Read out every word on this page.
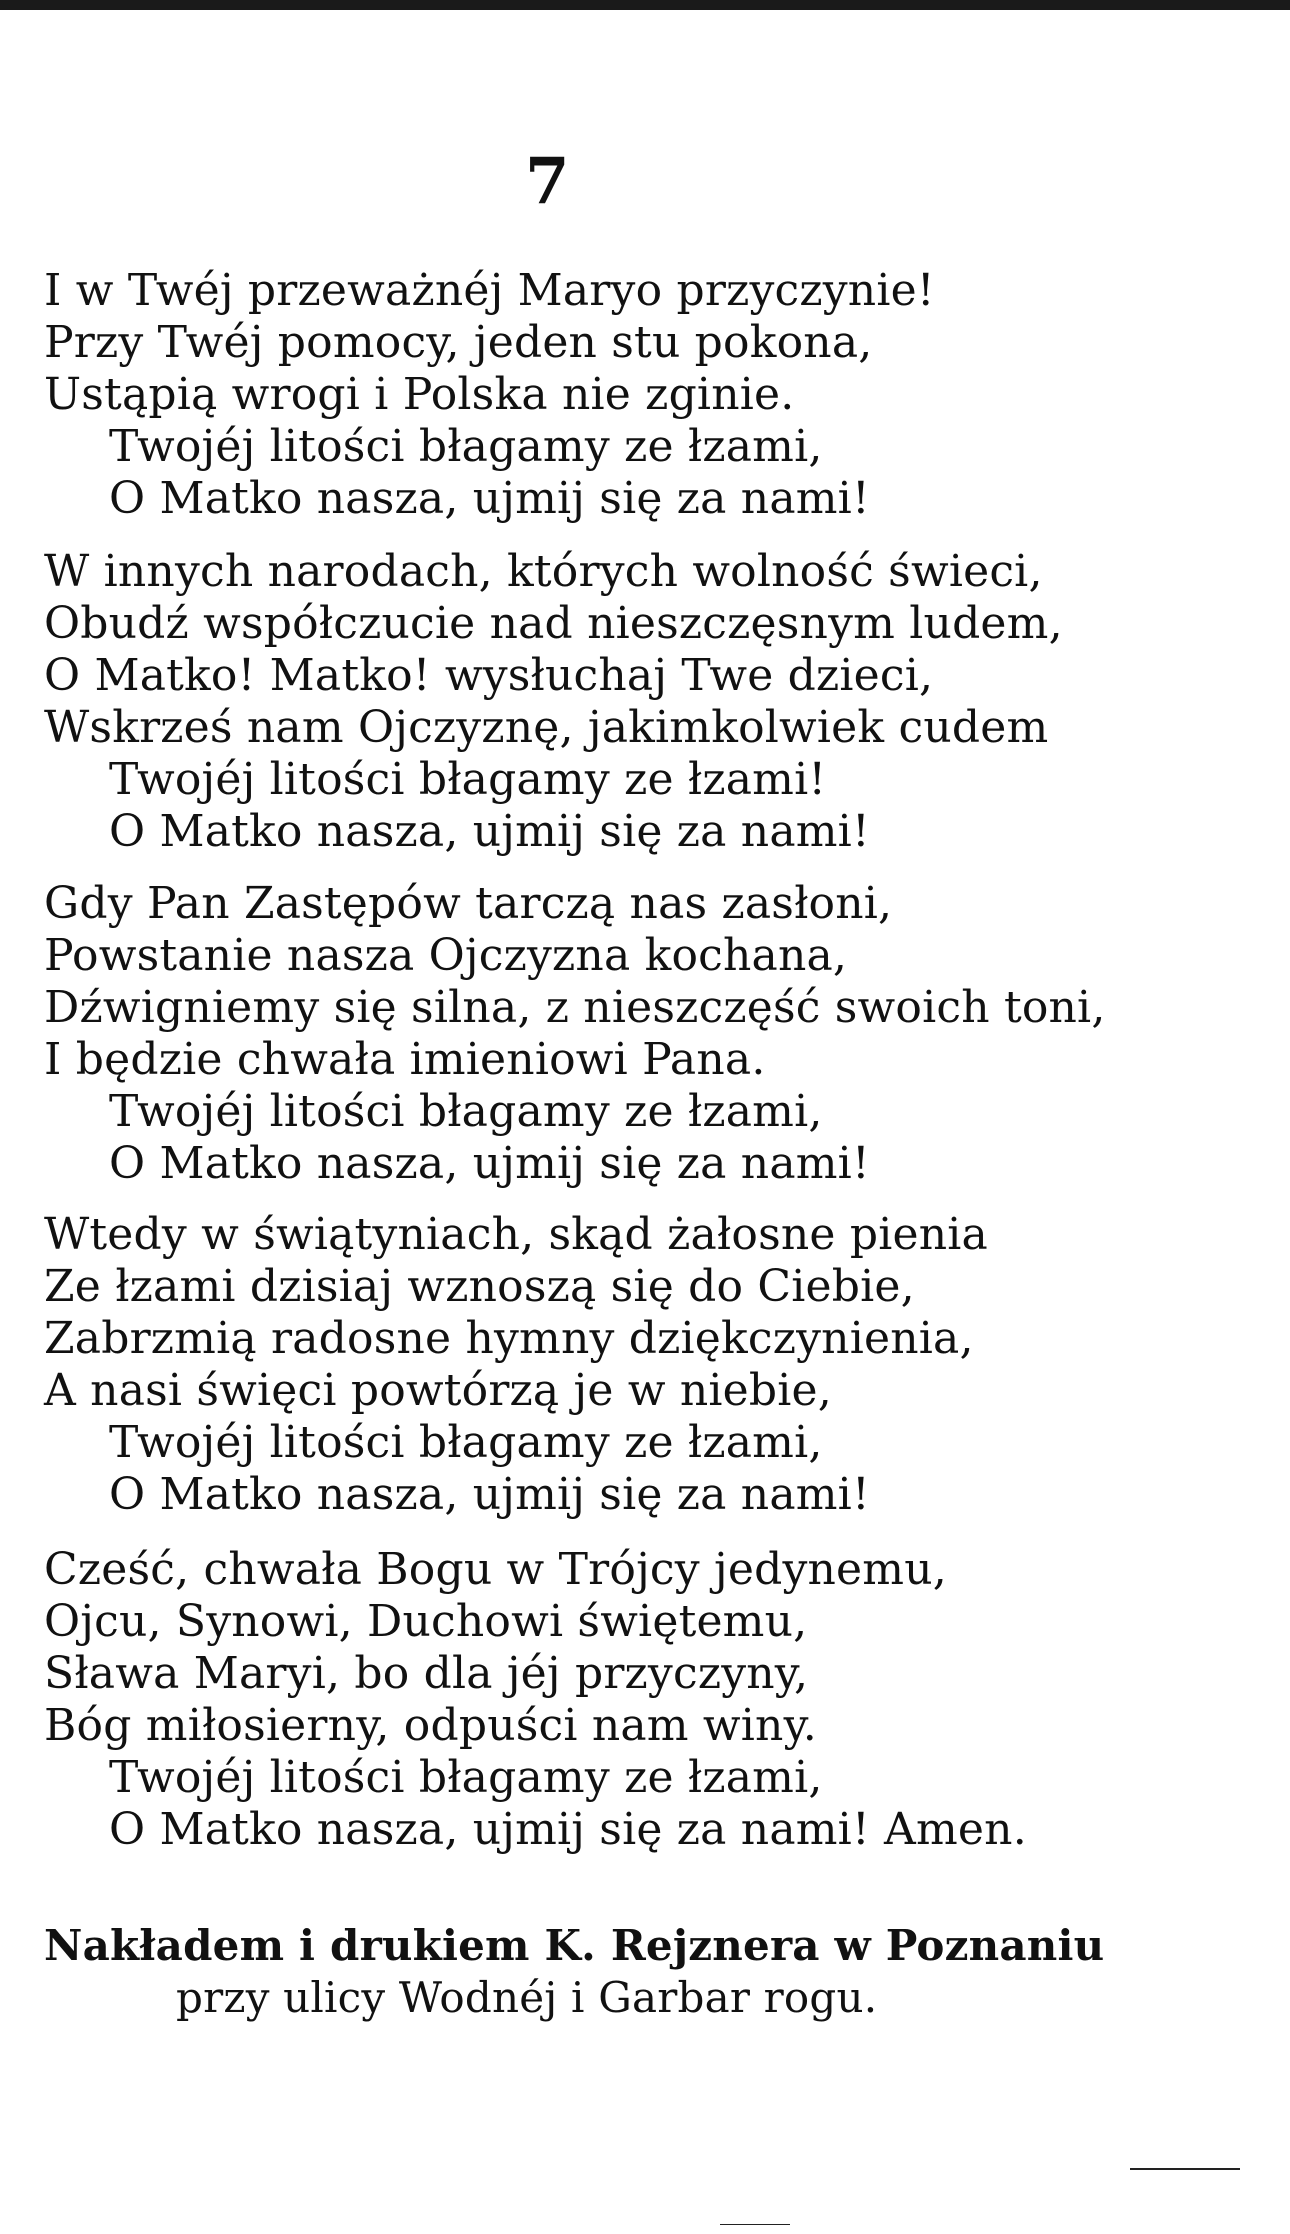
7
I w Twéj przeważnéj Maryo przyczynie!
Przy Twéj pomocy, jeden stu pokona,
Ustąpią wrogi i Polska nie zginie.
Twojéj litości błagamy ze łzami,
O Matko nasza, ujmij się za nami!
W innych narodach, których wolność świeci,
Obudź współczucie nad nieszczęsnym ludem,
O Matko! Matko! wysłuchaj Twe dzieci,
Wskrześ nam Ojczyznę, jakimkolwiek cudem
Twojéj litości błagamy ze łzami!
O Matko nasza, ujmij się za nami!
Gdy Pan Zastępów tarczą nas zasłoni,
Powstanie nasza Ojczyzna kochana,
Dźwigniemy się silna, z nieszczęść swoich toni,
I będzie chwała imieniowi Pana.
Twojéj litości błagamy ze łzami,
O Matko nasza, ujmij się za nami!
Wtedy w świątyniach, skąd żałosne pienia
Ze łzami dzisiaj wznoszą się do Ciebie,
Zabrzmią radosne hymny dziękczynienia,
A nasi święci powtórzą je w niebie,
Twojéj litości błagamy ze łzami,
O Matko nasza, ujmij się za nami!
Cześć, chwała Bogu w Trójcy jedynemu,
Ojcu, Synowi, Duchowi świętemu,
Sława Maryi, bo dla jéj przyczyny,
Bóg miłosierny, odpuści nam winy.
Twojéj litości błagamy ze łzami,
O Matko nasza, ujmij się za nami! Amen.
Nakładem i drukiem K. Rejznera w Poznaniu
przy ulicy Wodnéj i Garbar rogu.
